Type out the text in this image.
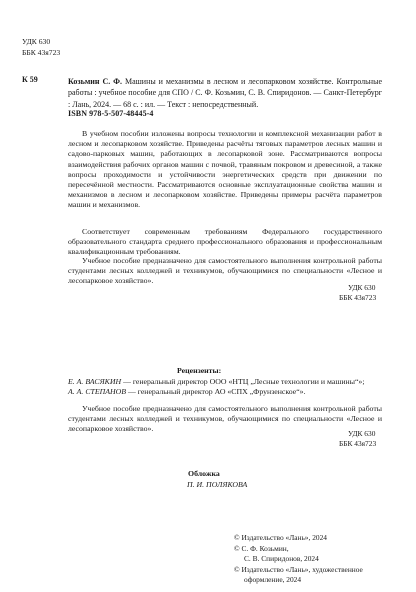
УДК 630
ББК 43я723
К 59	Козьмин С. Ф. Машины и механизмы в лесном и лесопарковом хозяйстве. Контрольные работы : учебное пособие для СПО / С. Ф. Козьмин, С. В. Спиридонов. — Санкт-Петербург : Лань, 2024. — 68 с. : ил. — Текст : непосредственный.
ISBN 978-5-507-48445-4

В учебном пособии изложены вопросы технологии и комплексной механизации работ в лесном и лесопарковом хозяйстве. Приведены расчёты тяговых параметров лесных машин и садово-парковых машин, работающих в лесопарковой зоне. Рассматриваются вопросы взаимодействия рабочих органов машин с почвой, травяным покровом и древесиной, а также вопросы проходимости и устойчивости энергетических средств при движении по пересечённой местности. Рассматриваются основные эксплуатационные свойства машин и механизмов в лесном и лесопарковом хозяйстве. Приведены примеры расчёта параметров машин и механизмов.

Соответствует современным требованиям Федерального государственного образовательного стандарта среднего профессионального образования и профессиональным квалификационным требованиям.

Учебное пособие предназначено для самостоятельного выполнения контрольной работы студентами лесных колледжей и техникумов, обучающимися по специальности «Лесное и лесопарковое хозяйство».

УДК 630
ББК 43я723
Рецензенты:
Е. А. ВАСЯКИН — генеральный директор ООО «НТЦ „Лесные технологии и машины“»;
А. А. СТЕПАНОВ — генеральный директор АО «СПХ „Фрунзенское“».

Учебное пособие предназначено для самостоятельного выполнения контрольной работы студентами лесных колледжей и техникумов, обучающимися по специальности «Лесное и лесопарковое хозяйство».

УДК 630
ББК 43я723
Обложка
П. И. ПОЛЯКОВА
© Издательство «Лань», 2024
© С. Ф. Козьмин,
С. В. Спиридонов, 2024
© Издательство «Лань», художественное
оформление, 2024
